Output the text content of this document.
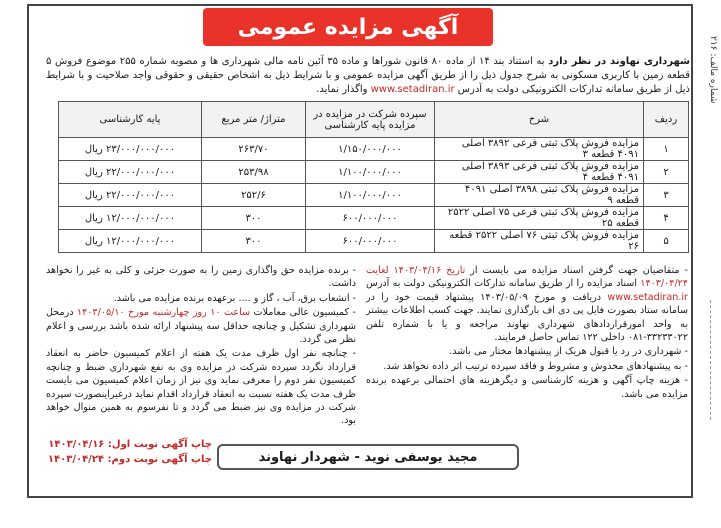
شماره مالف: ۲۱۶
آگهی مزایده عمومی
شهرداری نهاوند در نظر دارد به استناد بند ۱۴ از ماده ۸۰ قانون شوراها و ماده ۳۵ آئین نامه مالی شهرداری ها و مصوبه شماره ۲۵۵ موضوع فروش ۵ قطعه زمین با کاربری مسکونی به شرح جدول ذیل را از طریق آگهی مزایده عمومی و با شرایط ذیل به اشخاص حقیقی و حقوقی واجد صلاحیت و با شرایط ذیل از طریق سامانه تدارکات الکترونیکی دولت به آدرس www.setadiran.ir واگذار نماید.
ردیف	شرح	سپرده شرکت در مزایده در مزایده پایه کارشناسی	متراژ/ متر مربع	پایه کارشناسی
۱	مزایده فروش پلاک ثبتی فرعی ۳۸۹۲ اصلی ۴۰۹۱ قطعه ۳	۱/۱۵۰/۰۰۰/۰۰۰	۲۶۳/۷۰	۲۳/۰۰۰/۰۰۰/۰۰۰ ریال
۲	مزایده فروش پلاک ثبتی فرعی ۳۸۹۳ اصلی ۴۰۹۱ قطعه ۴	۱/۱۰۰/۰۰۰/۰۰۰	۲۵۳/۹۸	۲۲/۰۰۰/۰۰۰/۰۰۰ ریال
۳	مزایده فروش پلاک ثبتی ۳۸۹۸ اصلی ۴۰۹۱ قطعه ۹	۱/۱۰۰/۰۰۰/۰۰۰	۲۵۲/۶	۲۲/۰۰۰/۰۰۰/۰۰۰ ریال
۴	مزایده فروش پلاک ثبتی فرعی ۷۵ اصلی ۲۵۲۲ قطعه ۲۵	۶۰۰/۰۰۰/۰۰۰	۳۰۰	۱۲/۰۰۰/۰۰۰/۰۰۰ ریال
۵	مزایده فروش پلاک ثبتی ۷۶ اصلی ۲۵۲۲ قطعه ۲۶	۶۰۰/۰۰۰/۰۰۰	۳۰۰	۱۲/۰۰۰/۰۰۰/۰۰۰ ریال

- متقاضیان جهت گرفتن اسناد مزایده می بایست از تاریخ ۱۴۰۳/۰۴/۱۶ لغایت ۱۴۰۳/۰۴/۲۴ اسناد مزایده را از طریق سامانه تدارکات الکترونیکی دولت به آدرس www.setadiran.ir دریافت و مورخ ۱۴۰۳/۰۵/۰۹ پیشنهاد قیمت خود را در سامانه ستاد بصورت فایل پی دی اف بارگذاری نمایند. جهت کسب اطلاعات بیشتر به واحد امورقراردادهای شهرداری نهاوند مراجعه و یا با شماره تلفن ۳۳۲۳۳۰۲۲-۰۸۱ داخلی ۱۲۲ تماس حاصل فرمایند.

- شهرداری در رد یا قبول هریک از پیشنهادها مختار می باشد.

- به پیشنهادهای مخدوش و مشروط و فاقد سپرده ترتیب اثر داده نخواهد شد.

- هزینه چاپ آگهی و هزینه کارشناسی و دیگرهزینه های احتمالی برعهده برنده مزایده می باشد.

- برنده مزایده حق واگذاری زمین را به صورت جزئی و کلی به غیر را نخواهد داشت.

- انشعاب برق، آب ، گاز و .... برعهده برنده مزایده می باشد.

- کمیسیون عالی معاملات ساعت ۱۰ روز چهارشنبه مورخ ۱۴۰۳/۰۵/۱۰ درمحل شهرداری تشکیل و چنانچه حداقل سه پیشنهاد ارائه شده باشد بررسی و اعلام نظر می گردد.

- چنانچه نفر اول ظرف مدت یک هفته از اعلام کمیسیون حاضر به انعقاد قرارداد نگردد سپرده شرکت در مزایده وی به نفع شهرداری ضبط و چنانچه کمیسیون نفر دوم را معرفی نماید وی نیز از زمان اعلام کمیسیون می بایست ظرف مدت یک هفته نسبت به انعقاد قرارداد اقدام نماید درغیراینصورت سپرده شرکت در مزایده وی نیز ضبط می گردد و تا نفرسوم به همین منوال خواهد بود.

چاپ آگهی نوبت اول: ۱۴۰۳/۰۴/۱۶
چاپ آگهی نوبت دوم: ۱۴۰۳/۰۴/۲۴	مجید یوسفی نوید - شهردار نهاوند
